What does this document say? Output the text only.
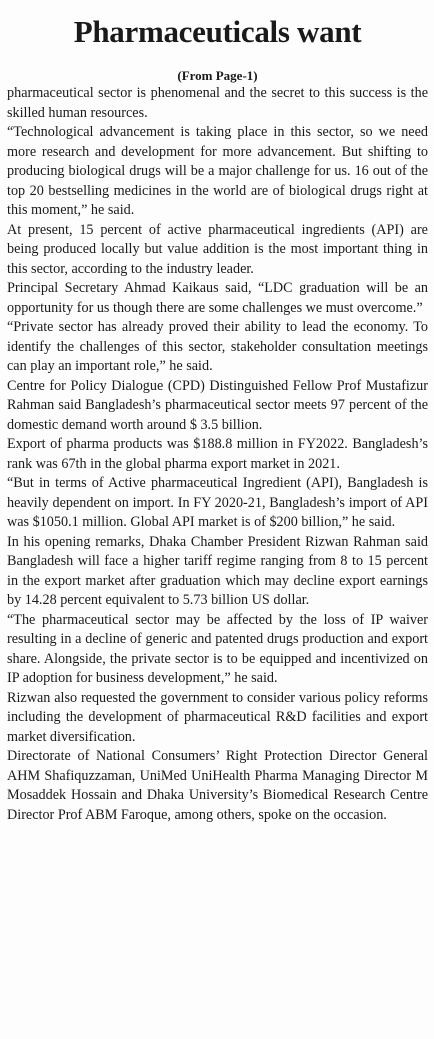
Pharmaceuticals want
(From Page-1)

pharmaceutical sector is phenomenal and the secret to this success is the skilled human resources.

“Technological advancement is taking place in this sector, so we need more research and development for more advancement. But shifting to producing biological drugs will be a major challenge for us. 16 out of the top 20 bestselling medicines in the world are of biological drugs right at this moment,” he said.

At present, 15 percent of active pharmaceutical ingredients (API) are being produced locally but value addition is the most important thing in this sector, according to the industry leader.

Principal Secretary Ahmad Kaikaus said, “LDC graduation will be an opportunity for us though there are some challenges we must overcome.”

“Private sector has already proved their ability to lead the economy. To identify the challenges of this sector, stakeholder consultation meetings can play an important role,” he said.

Centre for Policy Dialogue (CPD) Distinguished Fellow Prof Mustafizur Rahman said Bangladesh’s pharmaceutical sector meets 97 percent of the domestic demand worth around $ 3.5 billion.

Export of pharma products was $188.8 million in FY2022. Bangladesh’s rank was 67th in the global pharma export market in 2021.

“But in terms of Active pharmaceutical Ingredient (API), Bangladesh is heavily dependent on import. In FY 2020-21, Bangladesh’s import of API was $1050.1 million. Global API market is of $200 billion,” he said.

In his opening remarks, Dhaka Chamber President Rizwan Rahman said Bangladesh will face a higher tariff regime ranging from 8 to 15 percent in the export market after graduation which may decline export earnings by 14.28 percent equivalent to 5.73 billion US dollar.

“The pharmaceutical sector may be affected by the loss of IP waiver resulting in a decline of generic and patented drugs production and export share. Alongside, the private sector is to be equipped and incentivized on IP adoption for business development,” he said.

Rizwan also requested the government to consider various policy reforms including the development of pharmaceutical R&D facilities and export market diversification.

Directorate of National Consumers’ Right Protection Director General AHM Shafiquzzaman, UniMed UniHealth Pharma Managing Director M Mosaddek Hossain and Dhaka University’s Biomedical Research Centre Director Prof ABM Faroque, among others, spoke on the occasion.
